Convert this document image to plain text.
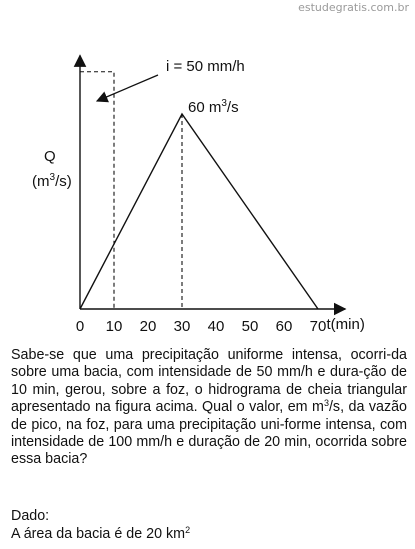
estudegratis.com.br
0 10 20 30 40 50 60 70 t(min)
Q
$(m^3/s)$
60 $m^3/s$
i = 50 mm/h

Sabe-se que uma precipitação uniforme intensa, ocorri-da sobre uma bacia, com intensidade de 50 mm/h e dura-ção de 10 min, gerou, sobre a foz, o hidrograma de cheia triangular apresentado na figura acima. Qual o valor, em $m^3/s$, da vazão de pico, na foz, para uma precipitação uni-forme intensa, com intensidade de 100 mm/h e duração de 20 min, ocorrida sobre essa bacia?

Dado:

A área da bacia é de 20 $km^2$
